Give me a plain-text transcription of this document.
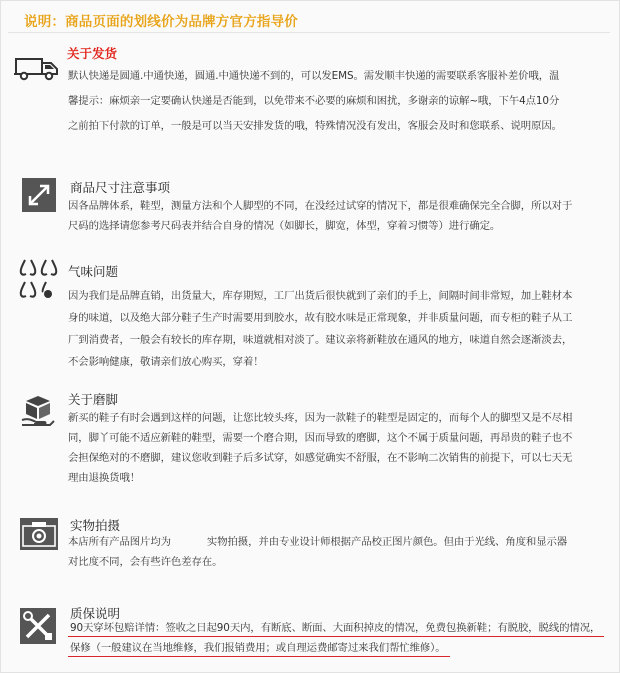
说明：商品页面的划线价为品牌方官方指导价
关于发货
默认快递是圆通.中通快递，圆通.中通快递不到的，可以发EMS。需发顺丰快递的需要联系客服补差价哦，温
馨提示：麻烦亲一定要确认快递是否能到，以免带来不必要的麻烦和困扰，多谢亲的谅解~哦，下午4点10分
之前拍下付款的订单，一般是可以当天安排发货的哦，特殊情况没有发出，客服会及时和您联系、说明原因。
商品尺寸注意事项
因各品牌体系，鞋型，测量方法和个人脚型的不同，在没经过试穿的情况下，都是很难确保完全合脚，所以对于
尺码的选择请您参考尺码表并结合自身的情况（如脚长，脚宽，体型，穿着习惯等）进行确定。
气味问题
因为我们是品牌直销，出货量大，库存期短，工厂出货后很快就到了亲们的手上，间隔时间非常短，加上鞋材本
身的味道，以及绝大部分鞋子生产时需要用到胶水，故有胶水味是正常现象，并非质量问题，而专柜的鞋子从工
厂到消费者，一般会有较长的库存期，味道就相对淡了。建议亲将新鞋放在通风的地方，味道自然会逐渐淡去，
不会影响健康，敬请亲们放心购买，穿着！
关于磨脚
新买的鞋子有时会遇到这样的问题，让您比较头疼，因为一款鞋子的鞋型是固定的，而每个人的脚型又是不尽相
同，脚丫可能不适应新鞋的鞋型，需要一个磨合期，因而导致的磨脚，这个不属于质量问题，再昂贵的鞋子也不
会担保绝对的不磨脚，建议您收到鞋子后多试穿，如感觉确实不舒服，在不影响二次销售的前提下，可以七天无
理由退换货哦！
实物拍摄
本店所有产品图片均为	实物拍摄，并由专业设计师根据产品校正图片颜色。但由于光线、角度和显示器
对比度不同，会有些许色差存在。
质保说明
90天穿坏包赔详情：签收之日起90天内，有断底、断面、大面积掉皮的情况，免费包换新鞋；有脱胶，脱线的情况，
保修（一般建议在当地维修，我们报销费用；或自理运费邮寄过来我们帮忙维修）。
